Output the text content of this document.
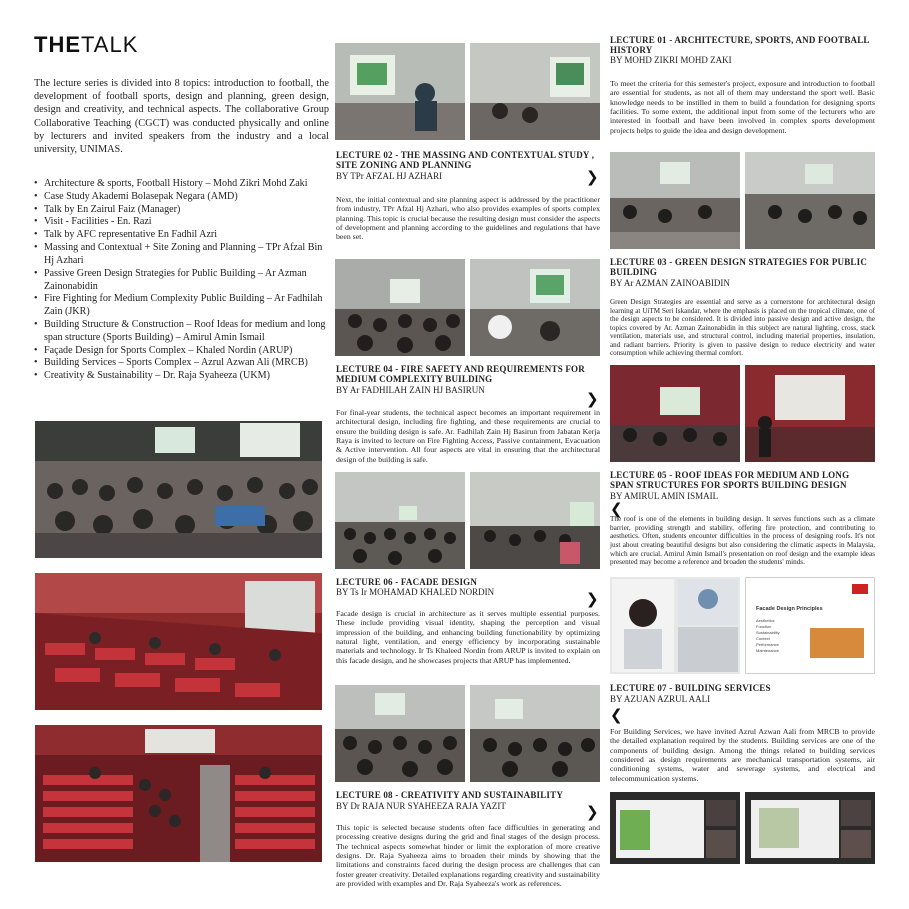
THETALK
The lecture series is divided into 8 topics: introduction to football, the development of football sports, design and planning, green design, design and creativity, and technical aspects. The collaborative Group Collaborative Teaching (CGCT) was conducted physically and online by lecturers and invited speakers from the industry and a local university, UNIMAS.
• Architecture & sports, Football History – Mohd Zikri Mohd Zaki
• Case Study Akademi Bolasepak Negara (AMD)
• Talk by En Zairul Faiz (Manager)
• Visit - Facilities - En. Razi
• Talk by AFC representative En Fadhil Azri
• Massing and Contextual + Site Zoning and Planning – TPr Afzal Bin Hj Azhari
• Passive Green Design Strategies for Public Building – Ar Azman Zainonabidin
• Fire Fighting for Medium Complexity Public Building – Ar Fadhilah Zain (JKR)
• Building Structure & Construction – Roof Ideas for medium and long span structure (Sports Building) – Amirul Amin Ismail
• Façade Design for Sports Complex – Khaled Nordin (ARUP)
• Building Services – Sports Complex – Azrul Azwan Ali (MRCB)
• Creativity & Sustainability – Dr. Raja Syaheeza (UKM)
LECTURE 02 - THE MASSING AND CONTEXTUAL STUDY , SITE ZONING AND PLANNING
BY TPr AFZAL HJ AZHARI	❯
Next, the initial contextual and site planning aspect is addressed by the practitioner from industry, TPr Afzal Hj Azhari, who also provides examples of sports complex planning. This topic is crucial because the resulting design must consider the aspects of development and planning according to the guidelines and regulations that have been set.
LECTURE 04 - FIRE SAFETY AND REQUIREMENTS FOR MEDIUM COMPLEXITY BUILDING
BY Ar FADHILAH ZAIN HJ BASIRUN	❯
For final-year students, the technical aspect becomes an important requirement in architectural design, including fire fighting, and these requirements are crucial to ensure the building design is safe. Ar. Fadhilah Zain Hj Basirun from Jabatan Kerja Raya is invited to lecture on Fire Fighting Access, Passive containment, Evacuation & Active intervention. All four aspects are vital in ensuring that the architectural design of the building is safe.
LECTURE 06 - FACADE DESIGN
BY Ts Ir MOHAMAD KHALED NORDIN	❯
Facade design is crucial in architecture as it serves multiple essential purposes. These include providing visual identity, shaping the perception and visual impression of the building, and enhancing building functionability by optimizing natural light, ventilation, and energy efficiency by incorporating sustainable materials and technology. Ir Ts Khaleed Nordin from ARUP is invited to explain on this facade design, and he showcases projects that ARUP has implemented.
LECTURE 08 - CREATIVITY AND SUSTAINABILITY
BY Dr RAJA NUR SYAHEEZA RAJA YAZIT	❯
This topic is selected because students often face difficulties in generating and processing creative designs during the grid and final stages of the design process. The technical aspects somewhat hinder or limit the exploration of more creative designs. Dr. Raja Syaheeza aims to broaden their minds by showing that the limitations and constraints faced during the design process are challenges that can foster greater creativity. Detailed explanations regarding creativity and sustainability are provided with examples and Dr. Raja Syaheeza's work as references.
LECTURE 01 - ARCHITECTURE, SPORTS, AND FOOTBALL HISTORY
BY MOHD ZIKRI MOHD ZAKI
To meet the criteria for this semester's project, exposure and introduction to football are essential for students, as not all of them may understand the sport well. Basic knowledge needs to be instilled in them to build a foundation for designing sports facilities. To some extent, the additional input from some of the lecturers who are interested in football and have been involved in complex sports development projects helps to guide the idea and design development.
LECTURE 03 - GREEN DESIGN STRATEGIES FOR PUBLIC BUILDING
BY Ar AZMAN ZAINOABIDIN
Green Design Strategies are essential and serve as a cornerstone for architectural design learning at UiTM Seri Iskandar, where the emphasis is placed on the tropical climate, one of the design aspects to be considered. It is divided into passive design and active design, the topics covered by Ar. Azman Zainonabidin in this subject are natural lighting, cross, stack ventilation, materials use, and structural control, including material properties, insulation, and radiant barriers. Priority is given to passive design to reduce electricity and water consumption while achieving thermal comfort.
LECTURE 05 - ROOF IDEAS FOR MEDIUM AND LONG SPAN STRUCTURES FOR SPORTS BUILDING DESIGN
BY AMIRUL AMIN ISMAIL
❮
The roof is one of the elements in building design. It serves functions such as a climate barrier, providing strength and stability, offering fire protection, and contributing to aesthetics. Often, students encounter difficulties in the process of designing roofs. It's not just about creating beautiful designs but also considering the climatic aspects in Malaysia, which are crucial. Amirul Amin Ismail's presentation on roof design and the example ideas presented may become a reference and broaden the students' minds.
Facade Design Principles
Aesthetics
Function
Sustainability
Context
Performance
Maintenance
LECTURE 07 - BUILDING SERVICES
BY AZUAN AZRUL AALI
❮
For Building Services, we have invited Azrul Azwan Aali from MRCB to provide the detailed explanation required by the students. Building services are one of the components of building design. Among the things related to building services considered as design requirements are mechanical transportation systems, air conditioning systems, water and sewerage systems, and electrical and telecommunication systems.
